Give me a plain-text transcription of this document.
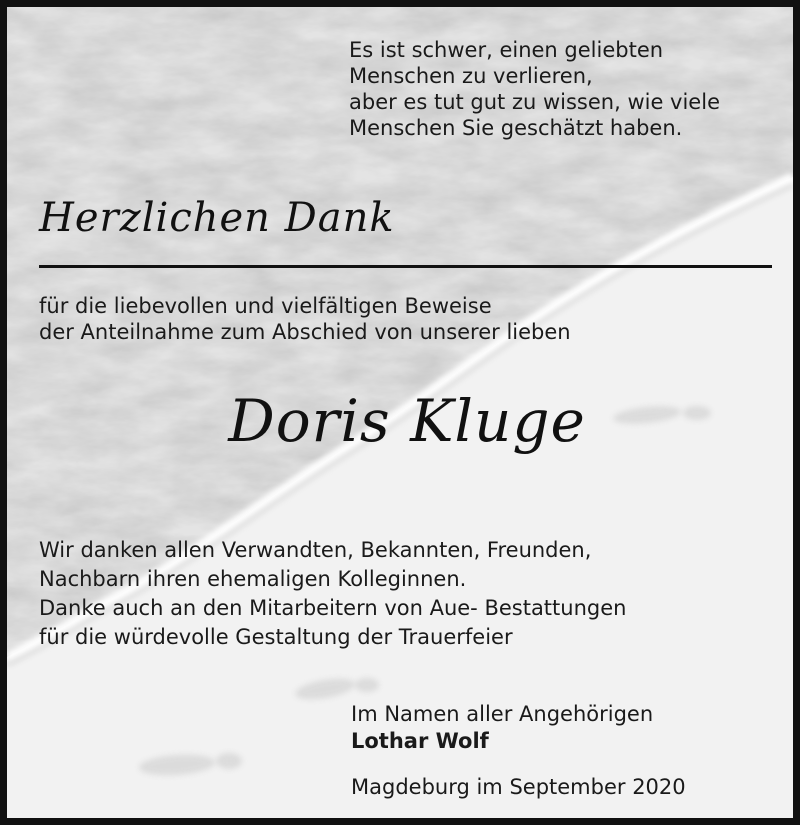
Es ist schwer, einen geliebten
Menschen zu verlieren,
aber es tut gut zu wissen, wie viele
Menschen Sie geschätzt haben.
Herzlichen Dank
für die liebevollen und vielfältigen Beweise
der Anteilnahme zum Abschied von unserer lieben
Doris Kluge
Wir danken allen Verwandten, Bekannten, Freunden,
Nachbarn ihren ehemaligen Kolleginnen.
Danke auch an den Mitarbeitern von Aue- Bestattungen
für die würdevolle Gestaltung der Trauerfeier
Im Namen aller Angehörigen
Lothar Wolf
Magdeburg im September 2020
